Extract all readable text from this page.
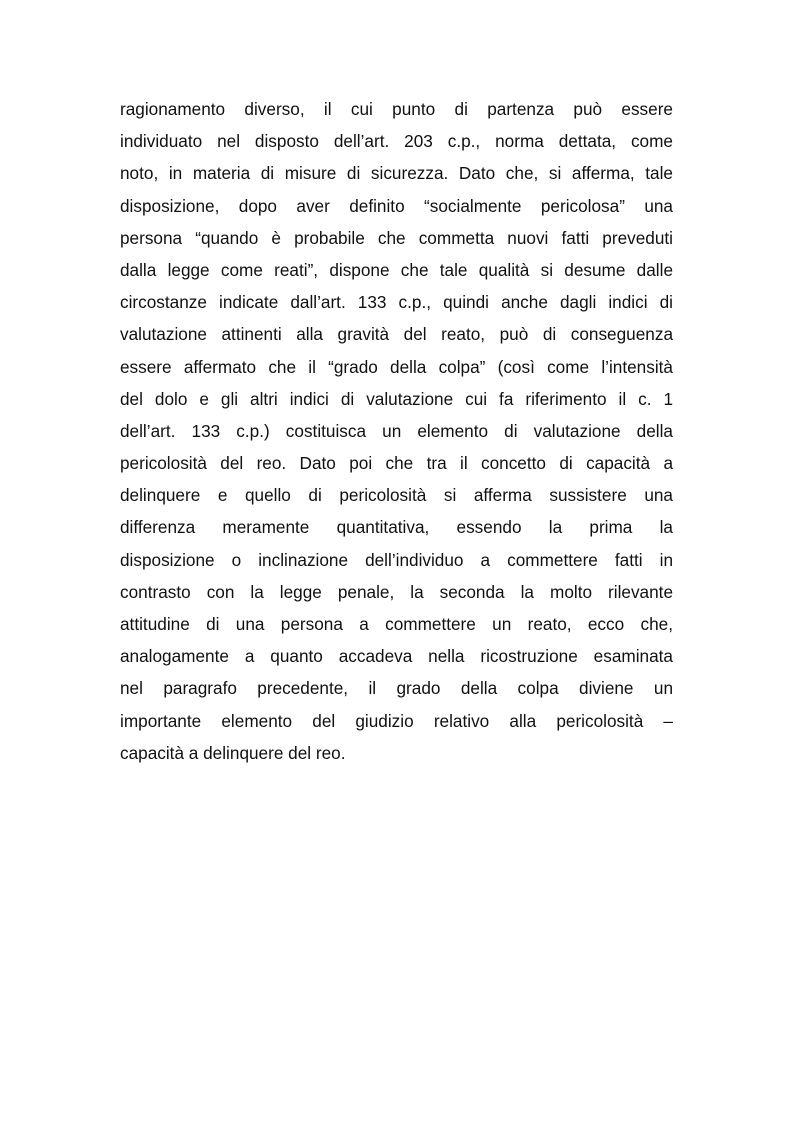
ragionamento diverso, il cui punto di partenza può essere
individuato nel disposto dell’art. 203 c.p., norma dettata, come
noto, in materia di misure di sicurezza. Dato che, si afferma, tale
disposizione, dopo aver definito “socialmente pericolosa” una
persona “quando è probabile che commetta nuovi fatti preveduti
dalla legge come reati”, dispone che tale qualità si desume dalle
circostanze indicate dall’art. 133 c.p., quindi anche dagli indici di
valutazione attinenti alla gravità del reato, può di conseguenza
essere affermato che il “grado della colpa” (così come l’intensità
del dolo e gli altri indici di valutazione cui fa riferimento il c. 1
dell’art. 133 c.p.) costituisca un elemento di valutazione della
pericolosità del reo. Dato poi che tra il concetto di capacità a
delinquere e quello di pericolosità si afferma sussistere una
differenza meramente quantitativa, essendo la prima la
disposizione o inclinazione dell’individuo a commettere fatti in
contrasto con la legge penale, la seconda la molto rilevante
attitudine di una persona a commettere un reato, ecco che,
analogamente a quanto accadeva nella ricostruzione esaminata
nel paragrafo precedente, il grado della colpa diviene un
importante elemento del giudizio relativo alla pericolosità –
capacità a delinquere del reo.
